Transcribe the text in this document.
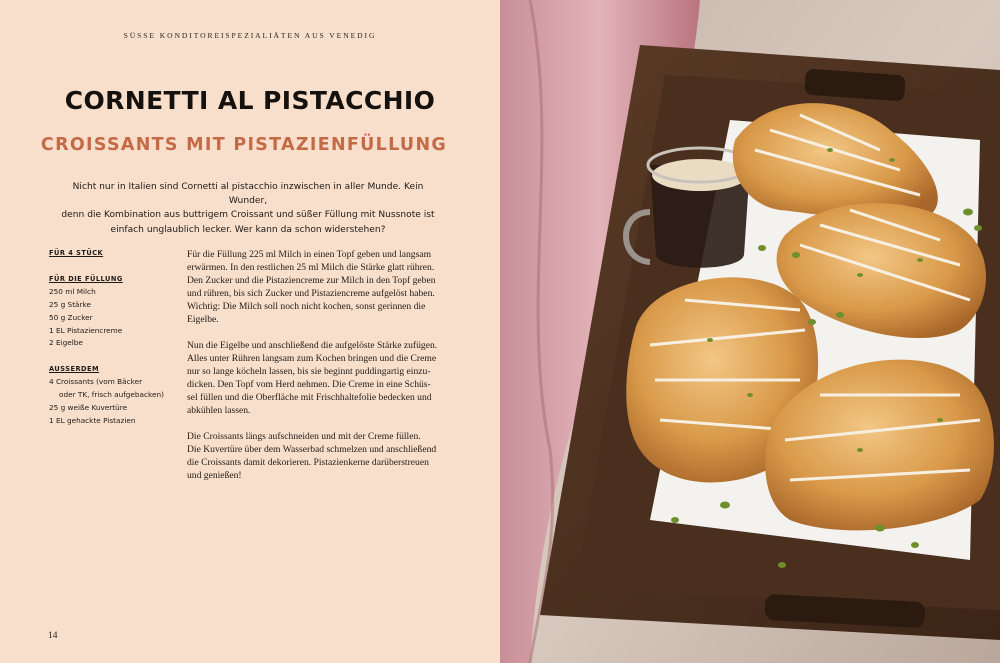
SÜSSE KONDITOREISPEZIALIÄTEN AUS VENEDIG
CORNETTI AL PISTACCHIO
CROISSANTS MIT PISTAZIENFÜLLUNG
Nicht nur in Italien sind Cornetti al pistacchio inzwischen in aller Munde. Kein Wunder,
denn die Kombination aus buttrigem Croissant und süßer Füllung mit Nussnote ist
einfach unglaublich lecker. Wer kann da schon widerstehen?
FÜR 4 STÜCK
FÜR DIE FÜLLUNG
250 ml Milch
25 g Stärke
50 g Zucker
1 EL Pistaziencreme
2 Eigelbe
AUSSERDEM
4 Croissants (vom Bäcker
oder TK, frisch aufgebacken)
25 g weiße Kuvertüre
1 EL gehackte Pistazien

Für die Füllung 225 ml Milch in einen Topf geben und langsam
erwärmen. In den restlichen 25 ml Milch die Stärke glatt rühren.
Den Zucker und die Pistaziencreme zur Milch in den Topf geben
und rühren, bis sich Zucker und Pistaziencreme aufgelöst haben.
Wichtig: Die Milch soll noch nicht kochen, sonst gerinnen die
Eigelbe.

Nun die Eigelbe und anschließend die aufgelöste Stärke zufügen.
Alles unter Rühren langsam zum Kochen bringen und die Creme
nur so lange köcheln lassen, bis sie beginnt puddingartig einzu-
dicken. Den Topf vom Herd nehmen. Die Creme in eine Schüs-
sel füllen und die Oberfläche mit Frischhaltefolie bedecken und
abkühlen lassen.

Die Croissants längs aufschneiden und mit der Creme füllen.
Die Kuvertüre über dem Wasserbad schmelzen und anschließend
die Croissants damit dekorieren. Pistazienkerne darüberstreuen
und genießen!

14
